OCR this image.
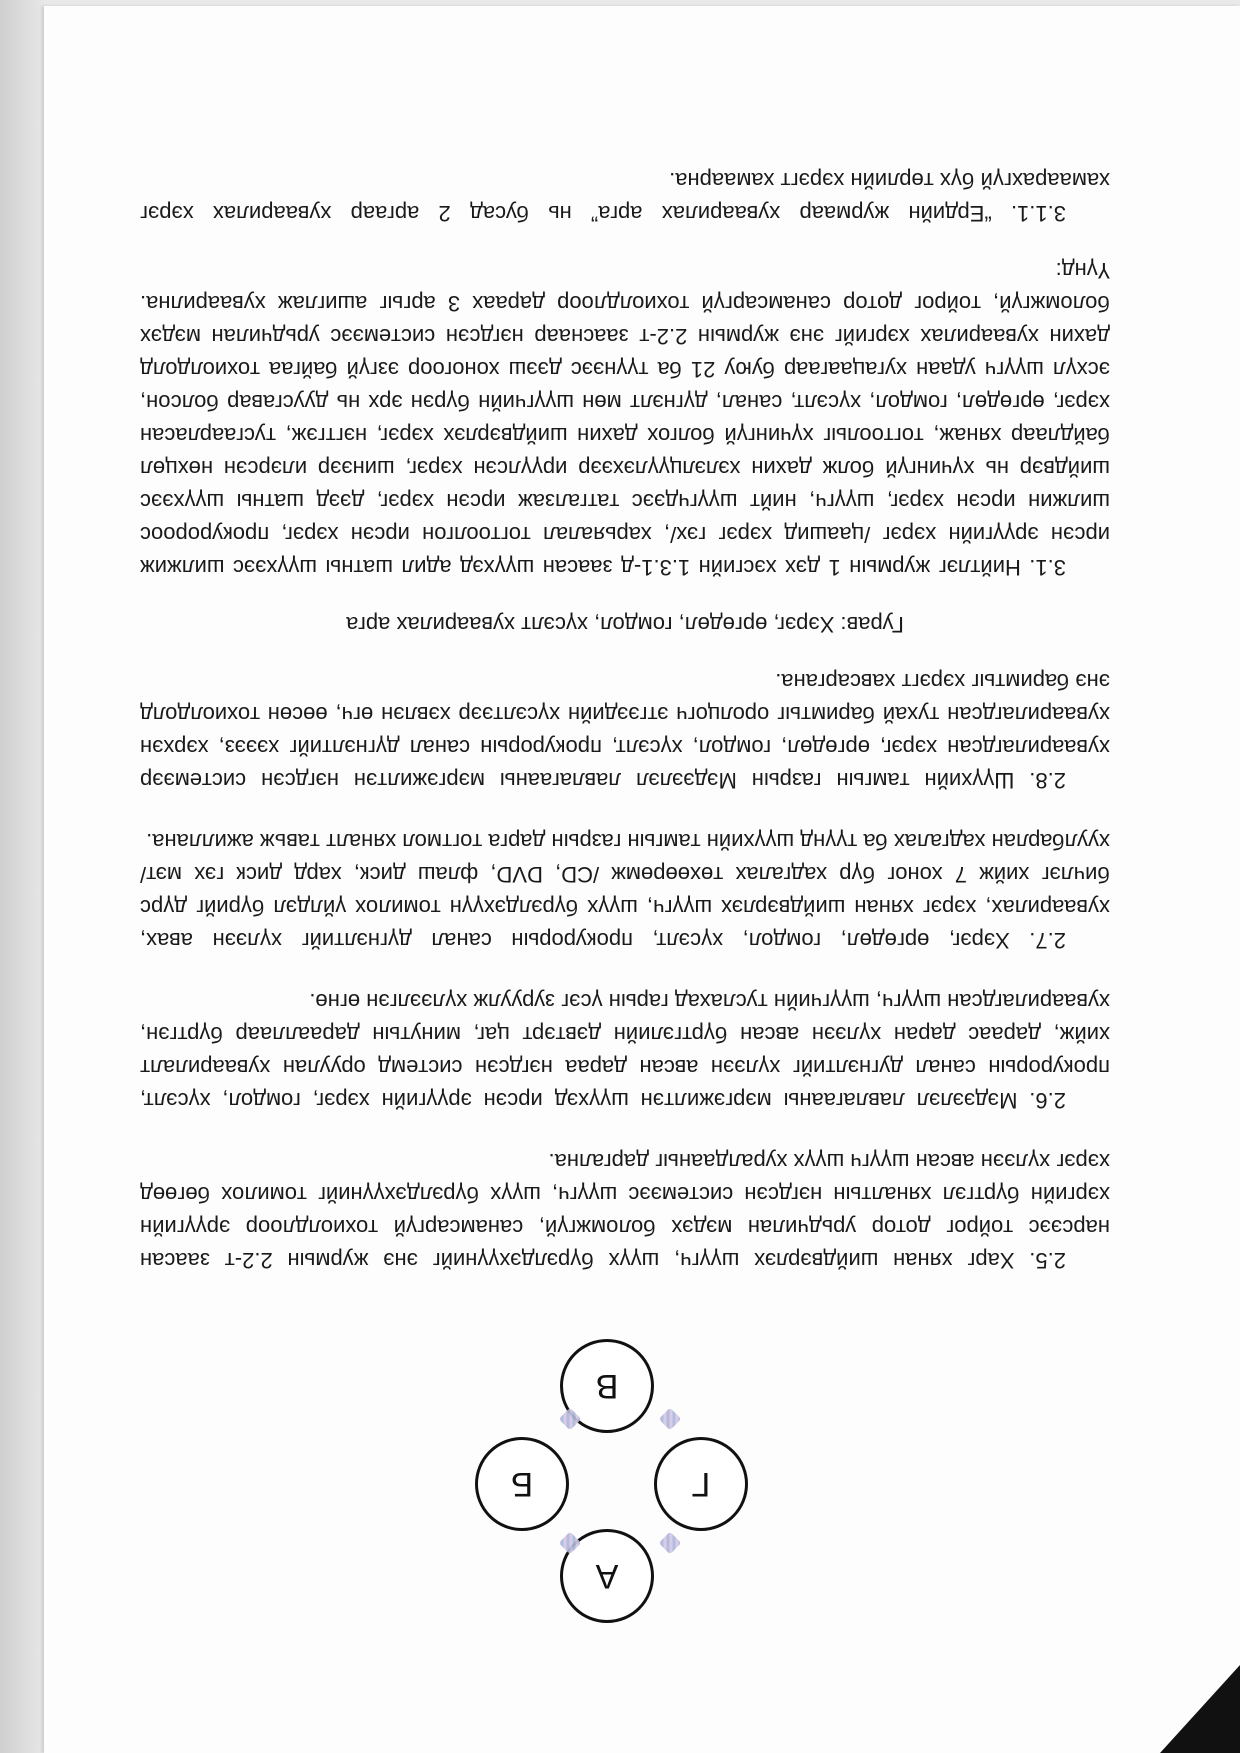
А
Б
В
Г

2.5. Харг хянан шийдвэрлэх шүүгч, шүүх бүрэлдэхүүнийг энэ журмын 2.2-т заасан нарсээс тойрог дотор урьдчилан мэдэх боломжгүй, санамсаргүй тохиолдлоор эрүүгийн хэргийн бүртгэл хяналтын нэгдсэн системээс шүүгч, шүүх бүрэлдэхүүнийг томилох бөгөөд хэрэг хүлээн авсан шүүгч шүүх хуралдааныг даргална.

2.6. Мэдээлэл лавлагааны мэргэжилтэн шүүхэд ирсэн эрүүгийн хэрэг, гомдол, хүсэлт, прокурорын санал дугнэлтийг хүлээн авсан дараа нэгдсэн системд оруулан хуваарилалт хийж, дараас даран хүлээн авсан бүртгэлийн дэвтэрт цаг, минутын дарааллаар бүртгэн, хуваарилагдсан шүүгч, шүүгчийн туслахад гарын үсэг зуруулж хүлээлгэн өгнө.

2.7. Хэрэг, өргөдөл, гомдол, хүсэлт, прокурорын санал дүгнэлтийг хүлээн авах, хуваарилах, хэрэг хянан шийдвэрлэх шүүгч, шүүх бүрэлдэхүүн томилох үйлдэл бүрийг дүрс бичлэг хийж 7 хоног бүр хадгалах төхөөрөмж /CD, DVD, флаш диск, хард диск гэх мэт/ хуулбарлан хадгалах ба түүнд шүүхийн тамгын газрын дарга тогтмол хяналт тавьж ажиллана.

2.8. Шүүхийн тамгын газрын Мэдээлэл лавлагааны мэргэжилтэн нэгдсэн системээр хуваарилагдсан хэрэг, өргөдөл, гомдол, хүсэлт, прокурорын санал дүгнэлтийг хэээз, хэрхэн хуваарилагдсан тухай баримтыг оролцогч этгээдийн хүсэлтээр хэвлэн өгч, өөсөн тохиолдолд энэ баримтыг хэрэгт хавсаргана.

Гурав: Хэрэг, өргөдөл, гомдол, хүсэлт хуваарилах арга

3.1. Нийтлэг журмын 1 дэх хэсгийн 1.3.1-д заасан шүүхэд адил шатны шүүхээс шилжиж ирсэн эрүүгийн хэрэг /цаашид хэрэг гэх/, харьяалал тогтоолгон ирсэн хэрэг, прокуророос шилжин ирсэн хэрэг, шүүгч, нийт шүүгчдээс татгалзаж ирсэн хэрэг, дээд шатны шүүхээс шийдвэр нь хүчингүй болж дахин хэлэлцүүлэхээр ирүүлсэн хэрэг, шинээр илэрсэн нөхцөл байдлаар хянаж, тогтоолыг хүчингүй болгох дахин шийдвэрлэх хэрэг, нэгтгэж, тусгаарласан хэрэг, өргөдөл, гомдол, хүсэлт, санал, дүгнэлт мөн шүүгчийн бүрэн эрх нь дуусгавар болсон, эсхүл шүүгч удаан хугацаагаар буюу 21 ба түүнээс дээш хоногоор эзгүй байгаа тохиолдолд дахин хуваарилах хэргийг энэ журмын 2.2-т зааснаар нэгдсэн системээс урьдчилан мэдэх боломжгүй, тойрог дотор санамсаргүй тохиолдлоор дараах 3 аргыг ашиглаж хуваарилна. Үүнд:

3.1.1. “Ердийн журмаар хуваарилах арга” нь бусад 2 аргаар хуваарилах хэрэг хамаарахгүй бүх төрлийн хэрэгт хамаарна.
